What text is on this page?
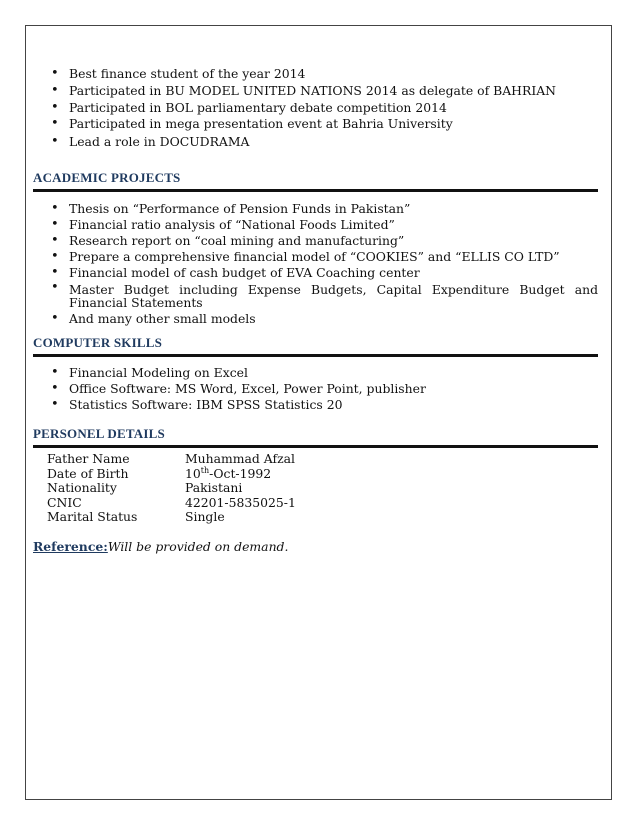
• Best finance student of the year 2014
• Participated in BU MODEL UNITED NATIONS 2014 as delegate of BAHRIAN
• Participated in BOL parliamentary debate competition 2014
• Participated in mega presentation event at Bahria University
• Lead a role in DOCUDRAMA
ACADEMIC PROJECTS
• Thesis on “Performance of Pension Funds in Pakistan”
• Financial ratio analysis of “National Foods Limited”
• Research report on “coal mining and manufacturing”
• Prepare a comprehensive financial model of “COOKIES” and “ELLIS CO LTD”
• Financial model of cash budget of EVA Coaching center
• Master Budget including Expense Budgets, Capital Expenditure Budget and Financial Statements
• And many other small models
COMPUTER SKILLS
• Financial Modeling on Excel
• Office Software: MS Word, Excel, Power Point, publisher
• Statistics Software: IBM SPSS Statistics 20
PERSONEL DETAILS
Father Name	Muhammad Afzal
Date of Birth	10th-Oct-1992
Nationality	Pakistani
CNIC	42201-5835025-1
Marital Status	Single
Reference:Will be provided on demand.
